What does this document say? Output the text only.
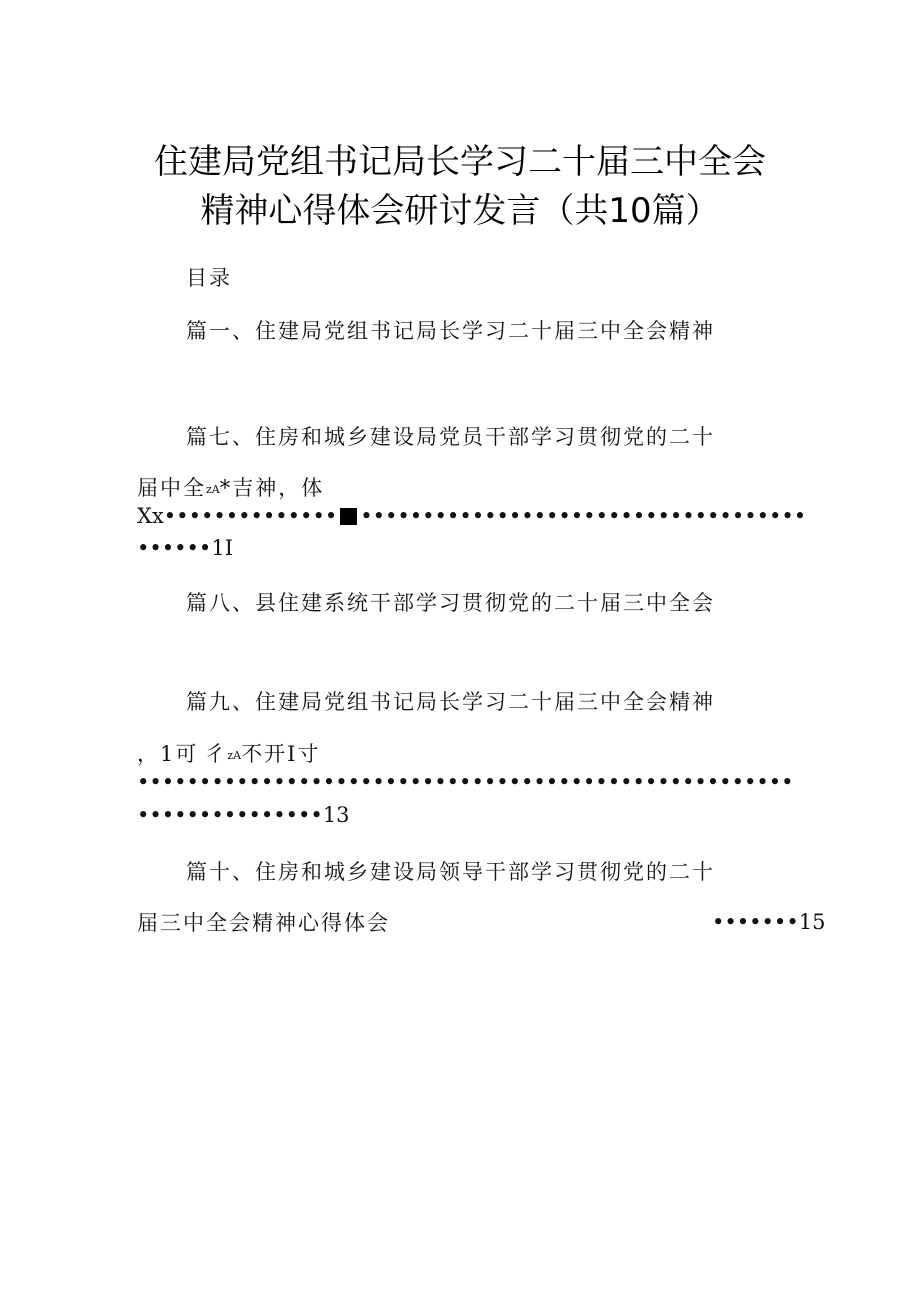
住建局党组书记局长学习二十届三中全会
精神心得体会研讨发言（共10篇）
目录
篇一、住建局党组书记局长学习二十届三中全会精神
篇七、住房和城乡建设局党员干部学习贯彻党的二十
届中全zA*吉神，体
Xx•••••••••••••• ••••••••••••••••••••••••••••••••••••
••••••1I
篇八、县住建系统干部学习贯彻党的二十届三中全会
篇九、住建局党组书记局长学习二十届三中全会精神
，1可 彳zA不开I寸
•••••••••••••••••••••••••••••••••••••••••••••••••••••
•••••••••••••••13
篇十、住房和城乡建设局领导干部学习贯彻党的二十
届三中全会精神心得体会	•••••••15
